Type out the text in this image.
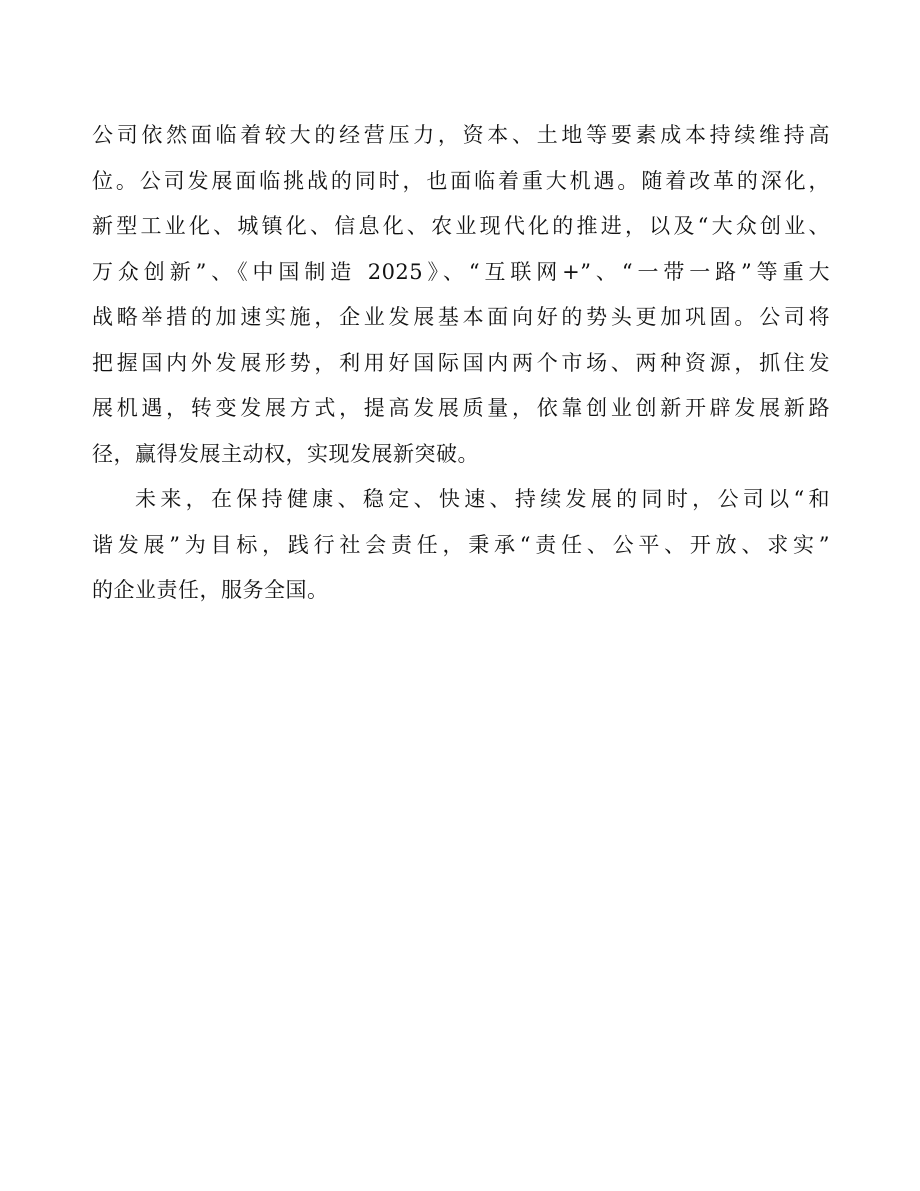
公司依然面临着较大的经营压力，资本、土地等要素成本持续维持高
位。公司发展面临挑战的同时，也面临着重大机遇。随着改革的深化，
新型工业化、城镇化、信息化、农业现代化的推进，以及“大众创业、
万众创新”、《中国制造 2025》、“互联网+”、“一带一路”等重大
战略举措的加速实施，企业发展基本面向好的势头更加巩固。公司将
把握国内外发展形势，利用好国际国内两个市场、两种资源，抓住发
展机遇，转变发展方式，提高发展质量，依靠创业创新开辟发展新路
径，赢得发展主动权，实现发展新突破。
未来，在保持健康、稳定、快速、持续发展的同时，公司以“和
谐发展”为目标，践行社会责任，秉承“责任、公平、开放、求实”
的企业责任，服务全国。
